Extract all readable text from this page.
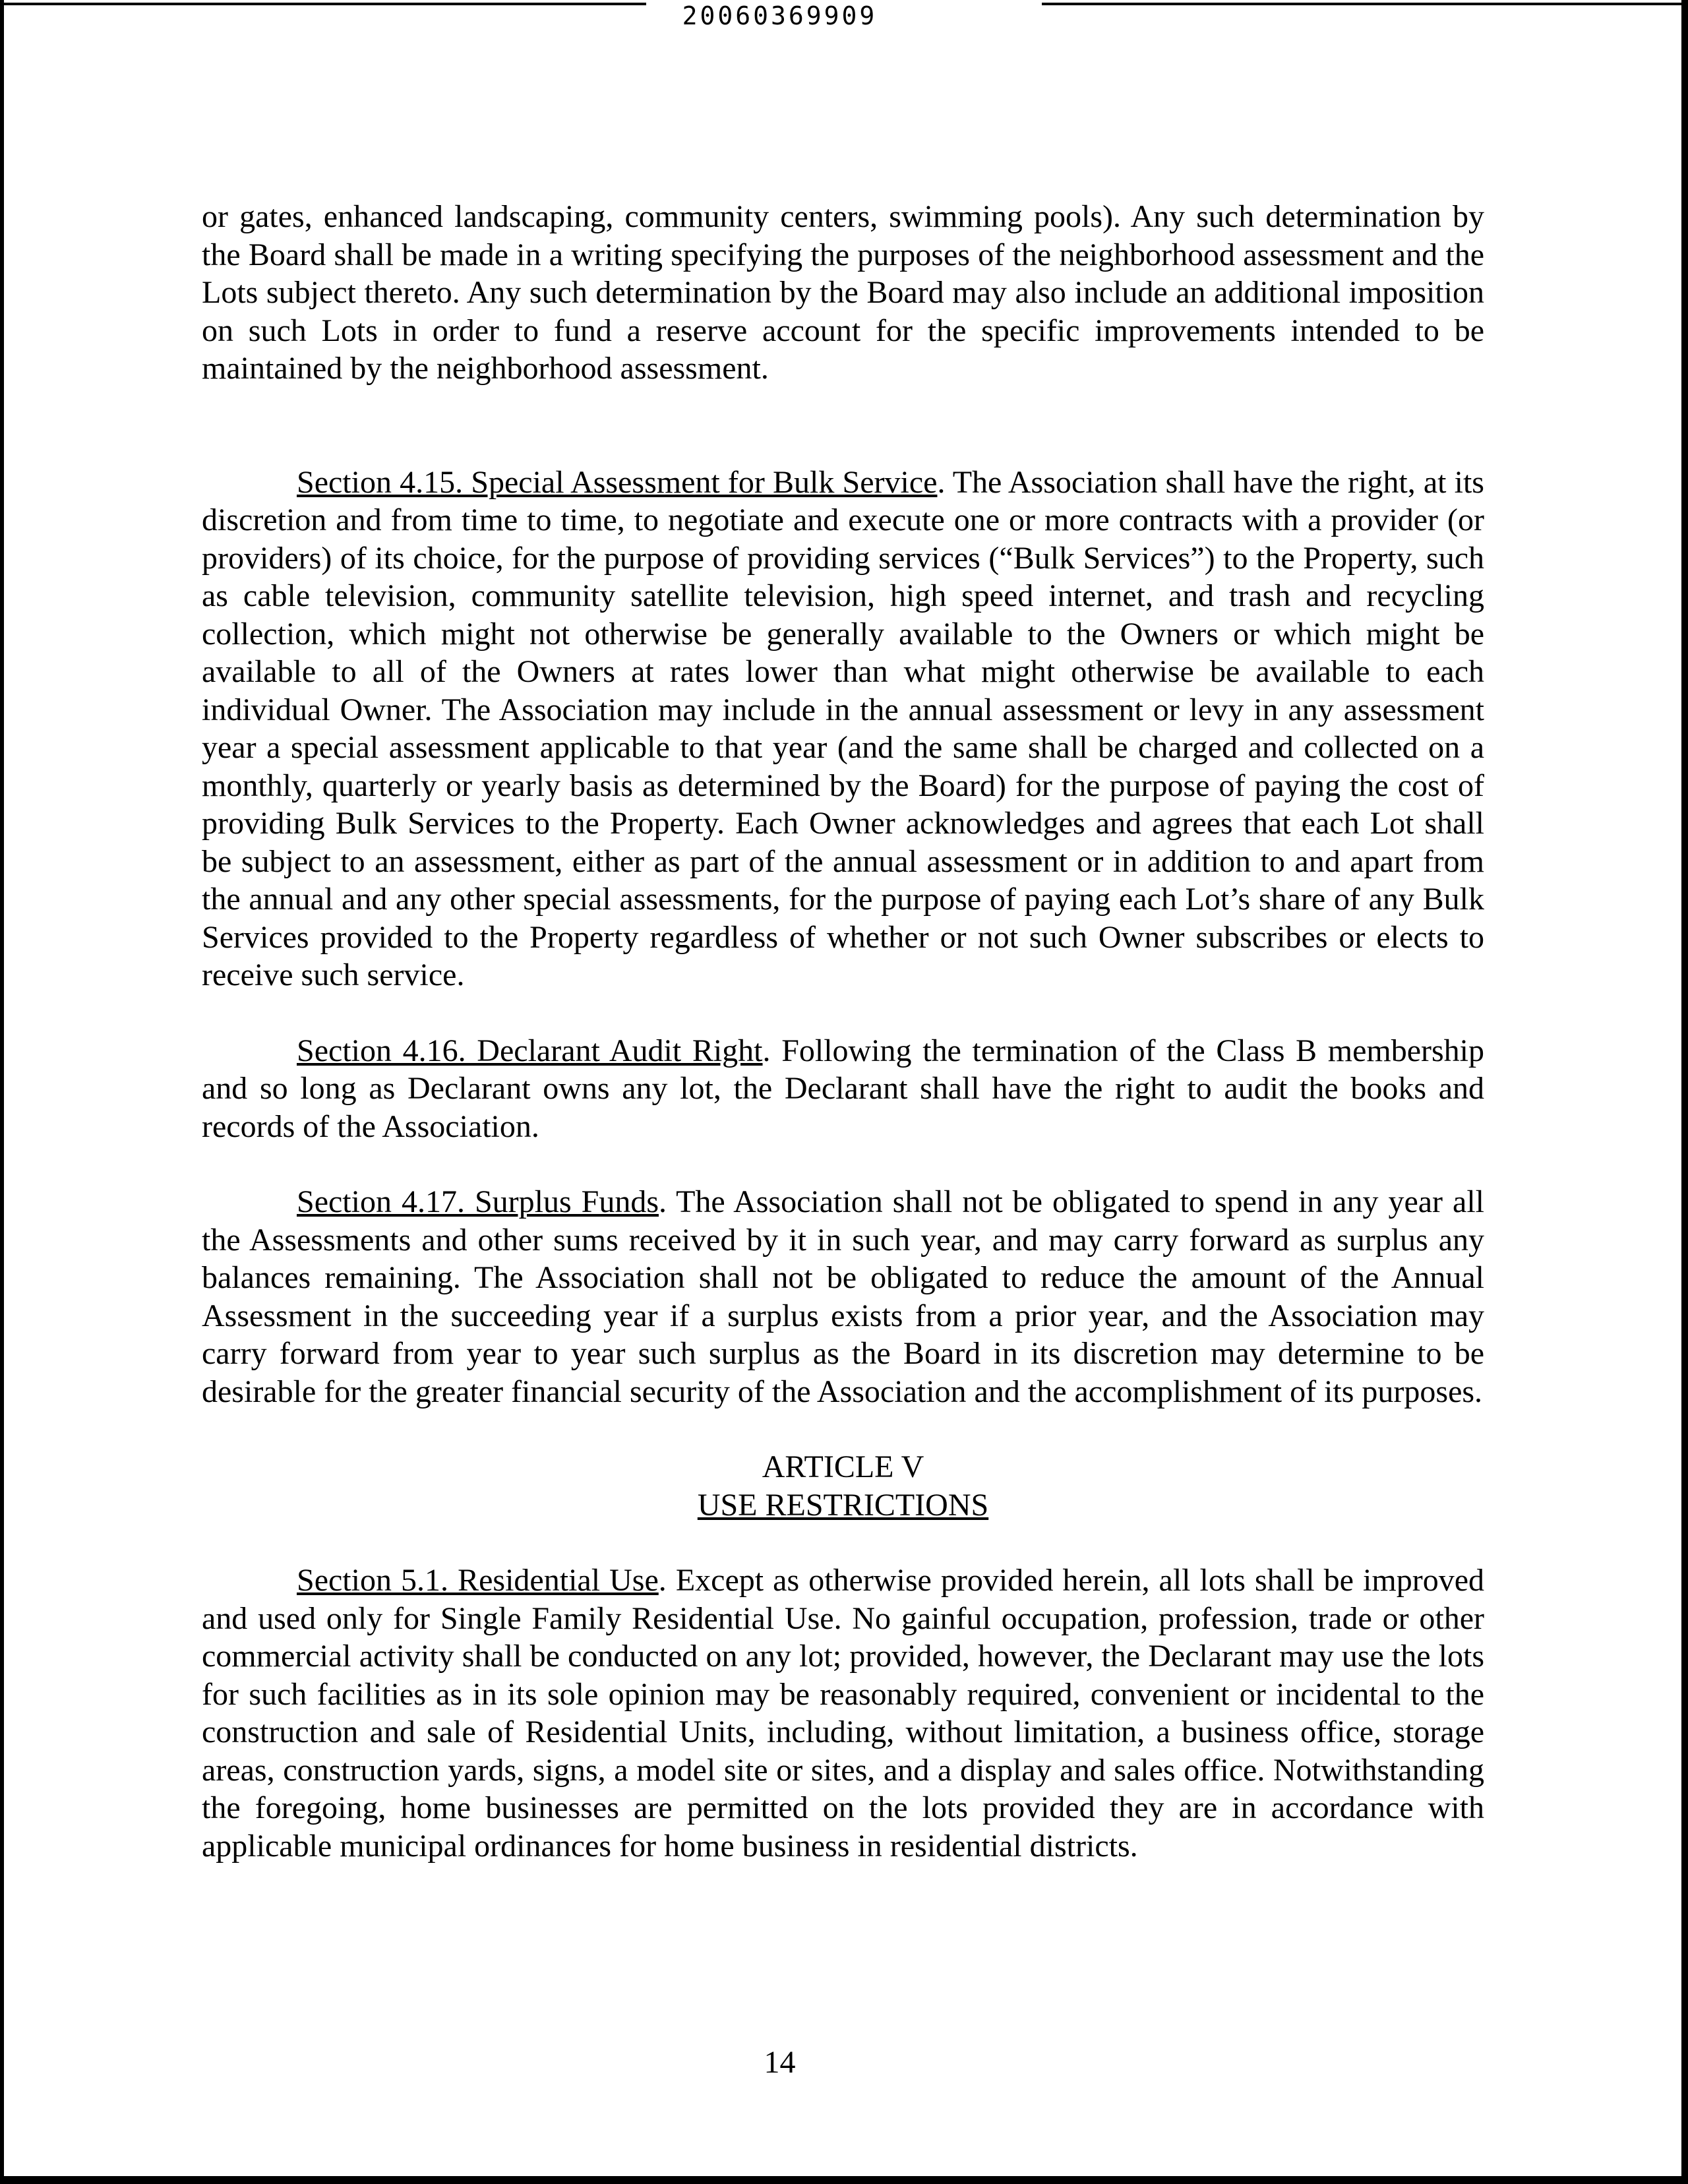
20060369909

or gates, enhanced landscaping, community centers, swimming pools). Any such determination by the Board shall be made in a writing specifying the purposes of the neighborhood assessment and the Lots subject thereto. Any such determination by the Board may also include an additional imposition on such Lots in order to fund a reserve account for the specific improvements intended to be maintained by the neighborhood assessment.

Section 4.15. Special Assessment for Bulk Service. The Association shall have the right, at its discretion and from time to time, to negotiate and execute one or more contracts with a provider (or providers) of its choice, for the purpose of providing services (“Bulk Services”) to the Property, such as cable television, community satellite television, high speed internet, and trash and recycling collection, which might not otherwise be generally available to the Owners or which might be available to all of the Owners at rates lower than what might otherwise be available to each individual Owner. The Association may include in the annual assessment or levy in any assessment year a special assessment applicable to that year (and the same shall be charged and collected on a monthly, quarterly or yearly basis as determined by the Board) for the purpose of paying the cost of providing Bulk Services to the Property. Each Owner acknowledges and agrees that each Lot shall be subject to an assessment, either as part of the annual assessment or in addition to and apart from the annual and any other special assessments, for the purpose of paying each Lot’s share of any Bulk Services provided to the Property regardless of whether or not such Owner subscribes or elects to receive such service.

Section 4.16. Declarant Audit Right. Following the termination of the Class B membership and so long as Declarant owns any lot, the Declarant shall have the right to audit the books and records of the Association.

Section 4.17. Surplus Funds. The Association shall not be obligated to spend in any year all the Assessments and other sums received by it in such year, and may carry forward as surplus any balances remaining. The Association shall not be obligated to reduce the amount of the Annual Assessment in the succeeding year if a surplus exists from a prior year, and the Association may carry forward from year to year such surplus as the Board in its discretion may determine to be desirable for the greater financial security of the Association and the accomplishment of its purposes.

ARTICLE V

USE RESTRICTIONS

Section 5.1. Residential Use. Except as otherwise provided herein, all lots shall be improved and used only for Single Family Residential Use. No gainful occupation, profession, trade or other commercial activity shall be conducted on any lot; provided, however, the Declarant may use the lots for such facilities as in its sole opinion may be reasonably required, convenient or incidental to the construction and sale of Residential Units, including, without limitation, a business office, storage areas, construction yards, signs, a model site or sites, and a display and sales office. Notwithstanding the foregoing, home businesses are permitted on the lots provided they are in accordance with applicable municipal ordinances for home business in residential districts.

14
